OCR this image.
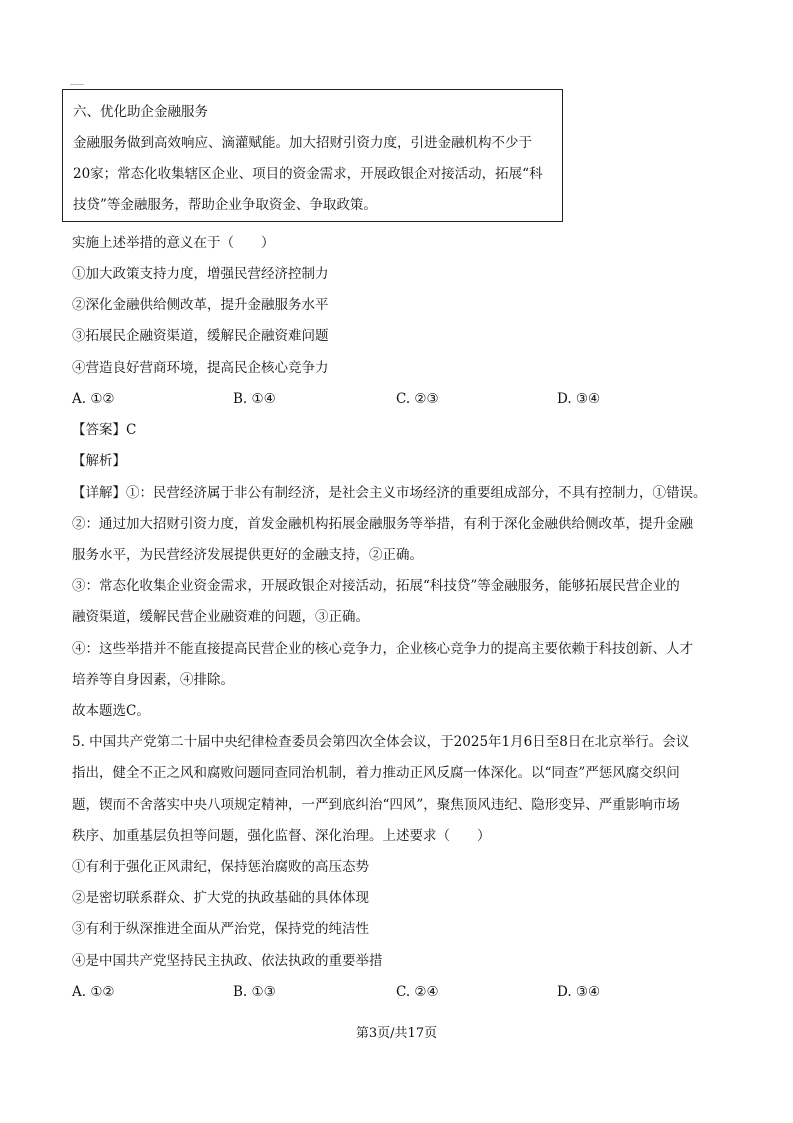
六、优化助企金融服务
金融服务做到高效响应、滴灌赋能。加大招财引资力度，引进金融机构不少于
20家；常态化收集辖区企业、项目的资金需求，开展政银企对接活动，拓展“科
技贷”等金融服务，帮助企业争取资金、争取政策。
实施上述举措的意义在于（　　）
①加大政策支持力度，增强民营经济控制力
②深化金融供给侧改革，提升金融服务水平
③拓展民企融资渠道，缓解民企融资难问题
④营造良好营商环境，提高民企核心竞争力
A. ①②	B. ①④	C. ②③	D. ③④
【答案】C
【解析】
【详解】①：民营经济属于非公有制经济，是社会主义市场经济的重要组成部分，不具有控制力，①错误。
②：通过加大招财引资力度，首发金融机构拓展金融服务等举措，有利于深化金融供给侧改革，提升金融
服务水平，为民营经济发展提供更好的金融支持，②正确。
③：常态化收集企业资金需求，开展政银企对接活动，拓展“科技贷”等金融服务，能够拓展民营企业的
融资渠道，缓解民营企业融资难的问题，③正确。
④：这些举措并不能直接提高民营企业的核心竞争力，企业核心竞争力的提高主要依赖于科技创新、人才
培养等自身因素，④排除。
故本题选C。
5. 中国共产党第二十届中央纪律检查委员会第四次全体会议，于2025年1月6日至8日在北京举行。会议
指出，健全不正之风和腐败问题同查同治机制，着力推动正风反腐一体深化。以“同查”严惩风腐交织问
题，锲而不舍落实中央八项规定精神，一严到底纠治“四风”，聚焦顶风违纪、隐形变异、严重影响市场
秩序、加重基层负担等问题，强化监督、深化治理。上述要求（　　）
①有利于强化正风肃纪，保持惩治腐败的高压态势
②是密切联系群众、扩大党的执政基础的具体体现
③有利于纵深推进全面从严治党，保持党的纯洁性
④是中国共产党坚持民主执政、依法执政的重要举措
A. ①②	B. ①③	C. ②④	D. ③④
第3页/共17页
